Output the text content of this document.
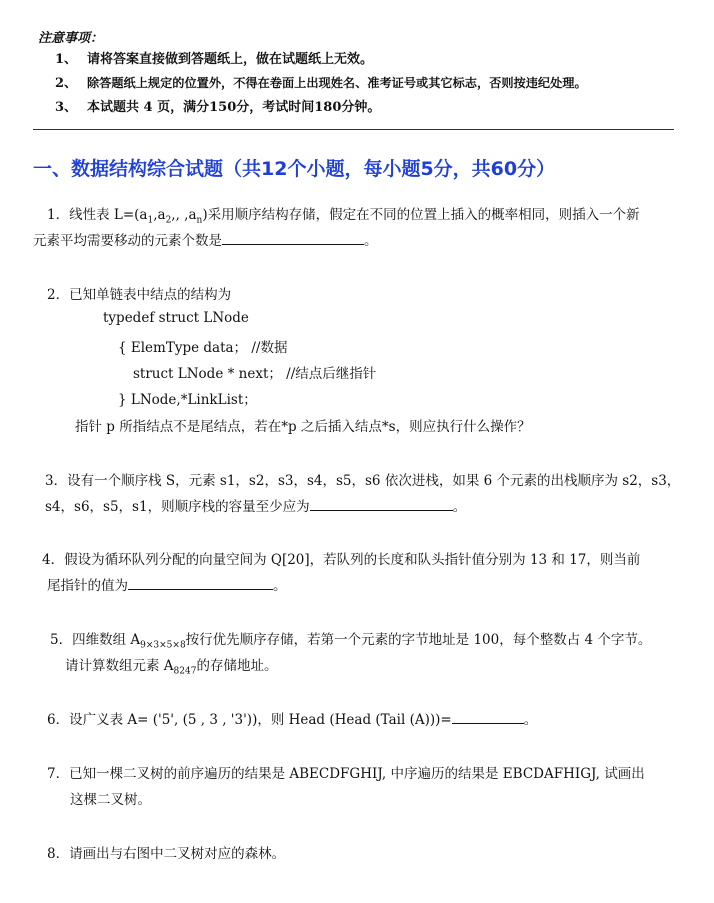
注意事项：
1、 请将答案直接做到答题纸上，做在试题纸上无效。
2、 除答题纸上规定的位置外，不得在卷面上出现姓名、准考证号或其它标志，否则按违纪处理。
3、 本试题共 4 页，满分150分，考试时间180分钟。
一、数据结构综合试题（共12个小题，每小题5分，共60分）
1．线性表 $L=(a_1,a_2$,, $,a_n$)采用顺序结构存储，假定在不同的位置上插入的概率相同，则插入一个新
元素平均需要移动的元素个数是	。
2．已知单链表中结点的结构为
typedef struct LNode
{ ElemType data； //数据
struct LNode * next； //结点后继指针
} LNode,*LinkList；
指针 p 所指结点不是尾结点，若在*p 之后插入结点*s，则应执行什么操作？
3．设有一个顺序栈 S，元素 s1，s2，s3，s4，s5，s6 依次进栈，如果 6 个元素的出栈顺序为 s2，s3，
s4，s6，s5，s1，则顺序栈的容量至少应为	。
4．假设为循环队列分配的向量空间为 Q[20]，若队列的长度和队头指针值分别为 13 和 17，则当前
尾指针的值为	。
5．四维数组 $A_{9\times 3\times 5\times 8}$按行优先顺序存储，若第一个元素的字节地址是 100，每个整数占 4 个字节。
请计算数组元素 $A_{8247}$的存储地址。
6．设广义表 A= ('5', (5 , 3 , '3'))，则 Head (Head (Tail (A)))=	。
7．已知一棵二叉树的前序遍历的结果是 ABECDFGHIJ, 中序遍历的结果是 EBCDAFHIGJ, 试画出
这棵二叉树。
8．请画出与右图中二叉树对应的森林。
